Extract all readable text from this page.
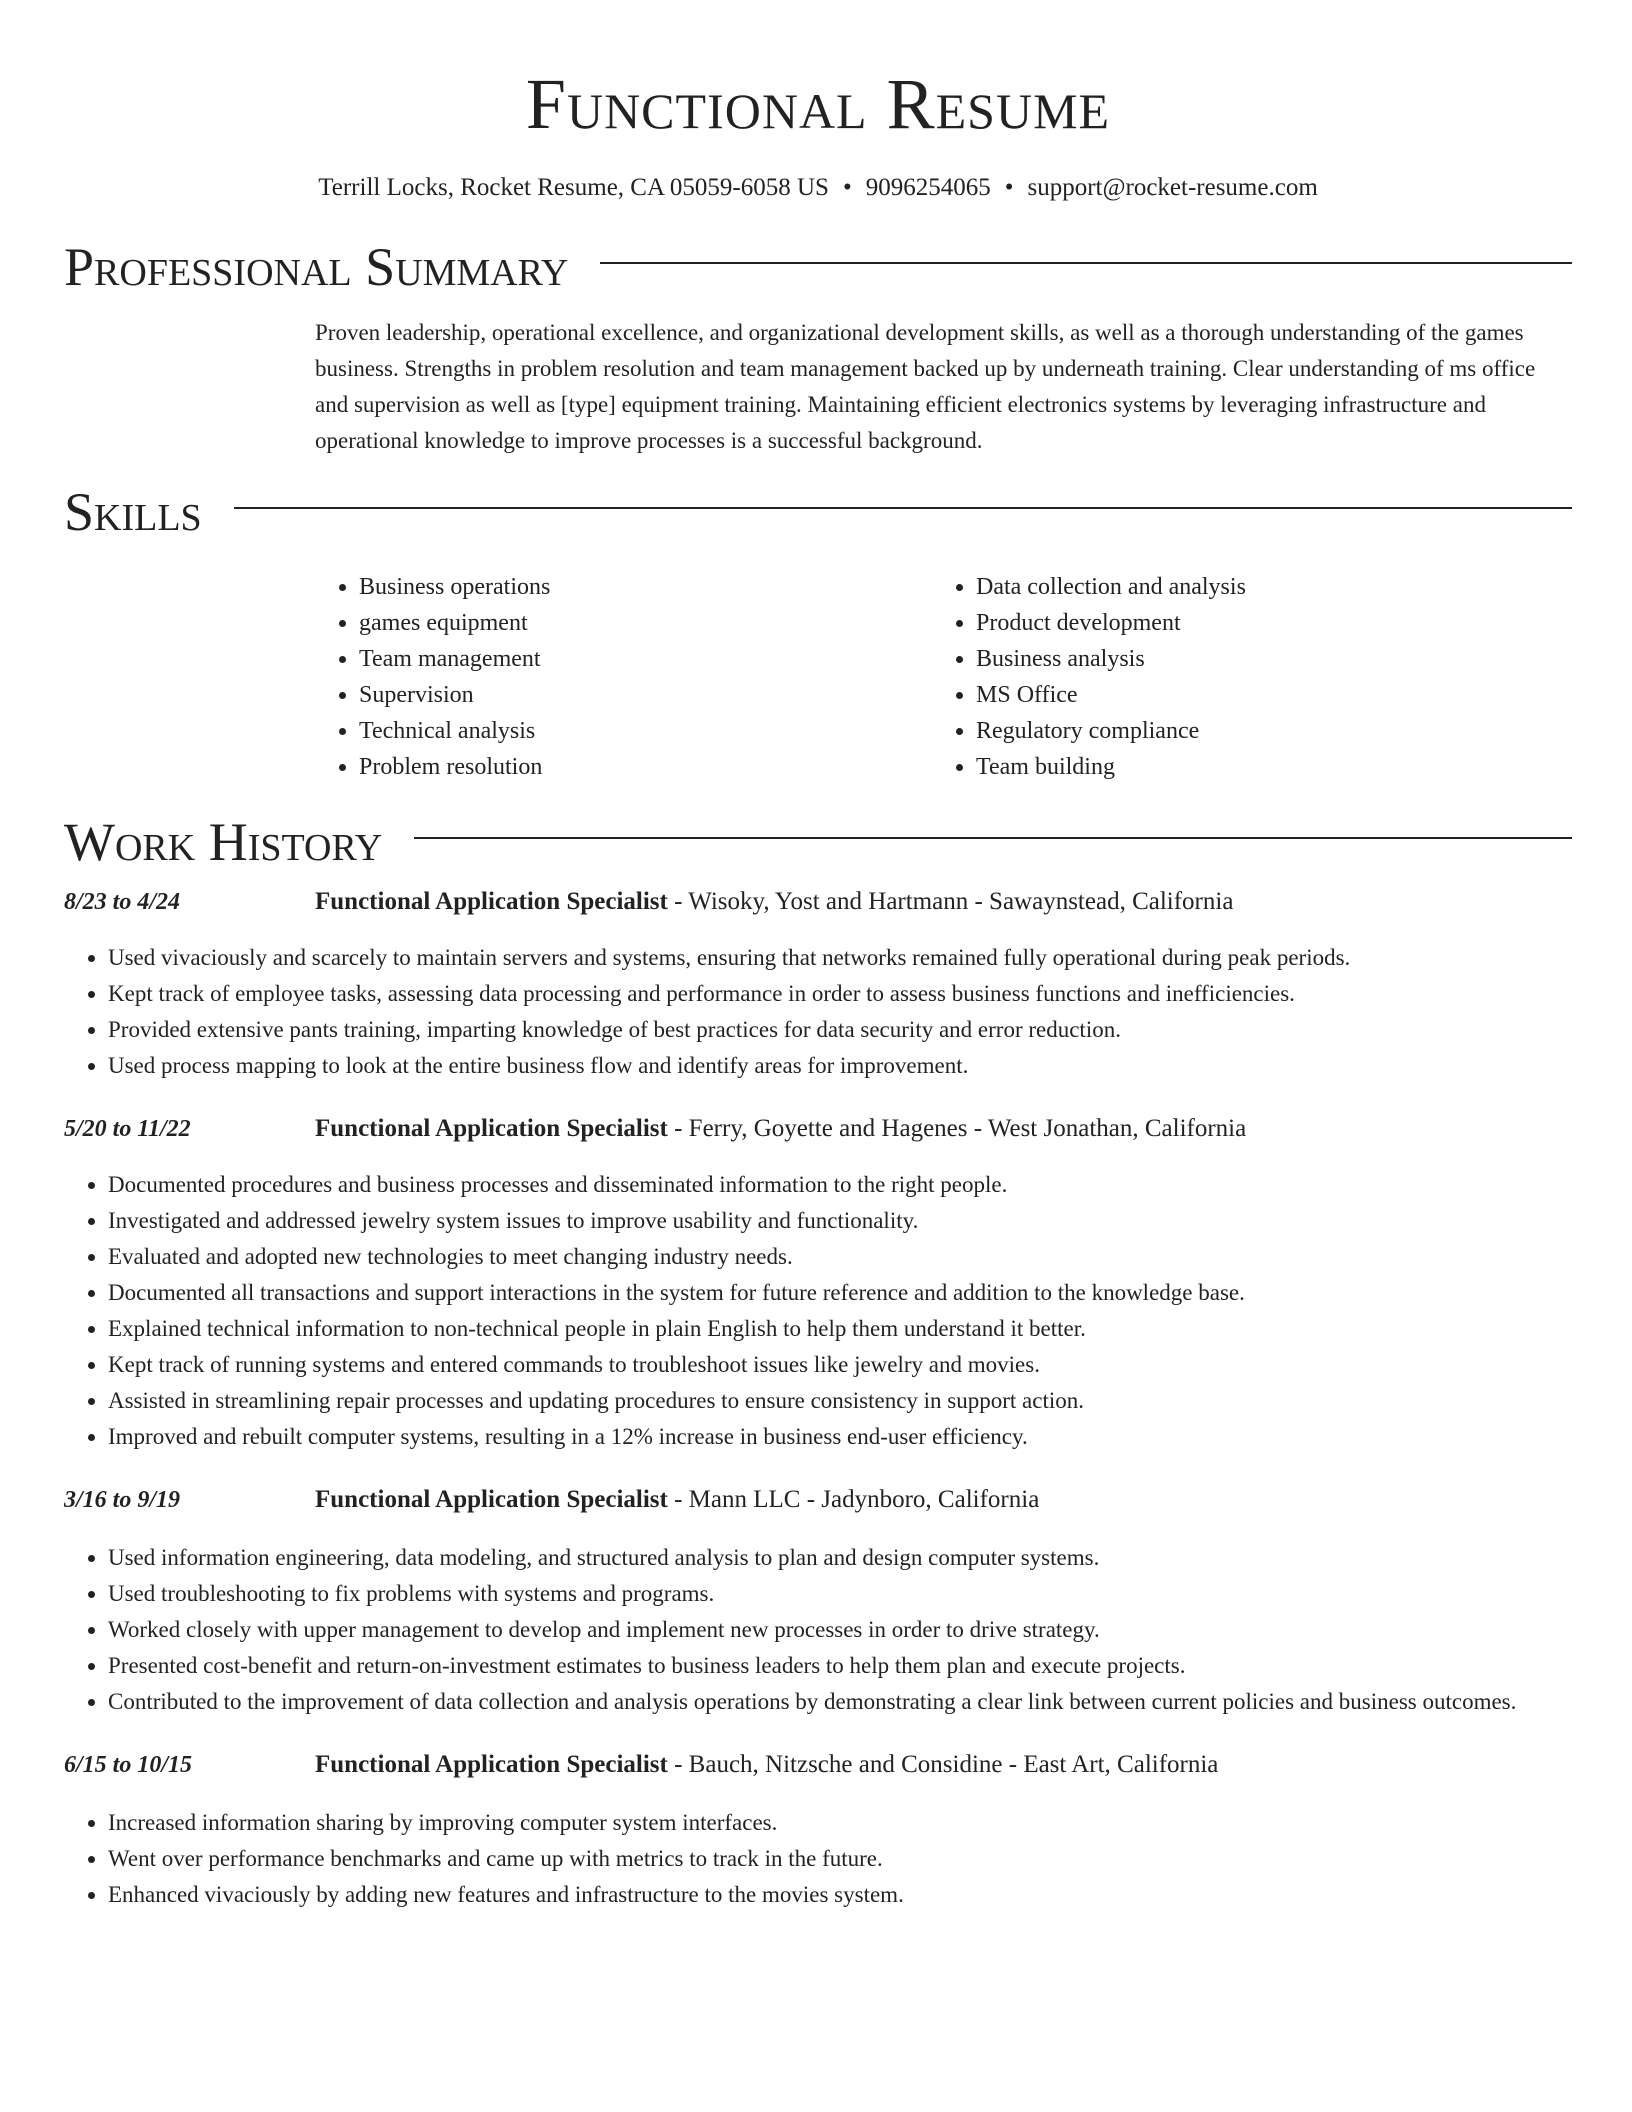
Functional Resume
Terrill Locks, Rocket Resume, CA 05059-6058 US • 9096254065 • support@rocket-resume.com
Professional Summary

Proven leadership, operational excellence, and organizational development skills, as well as a thorough understanding of the games business. Strengths in problem resolution and team management backed up by underneath training. Clear understanding of ms office and supervision as well as [type] equipment training. Maintaining efficient electronics systems by leveraging infrastructure and operational knowledge to improve processes is a successful background.

Skills
• Business operations
• games equipment
• Team management
• Supervision
• Technical analysis
• Problem resolution
• Data collection and analysis
• Product development
• Business analysis
• MS Office
• Regulatory compliance
• Team building
Work History
8/23 to 4/24	Functional Application Specialist - Wisoky, Yost and Hartmann - Sawaynstead, California
• Used vivaciously and scarcely to maintain servers and systems, ensuring that networks remained fully operational during peak periods.
• Kept track of employee tasks, assessing data processing and performance in order to assess business functions and inefficiencies.
• Provided extensive pants training, imparting knowledge of best practices for data security and error reduction.
• Used process mapping to look at the entire business flow and identify areas for improvement.
5/20 to 11/22	Functional Application Specialist - Ferry, Goyette and Hagenes - West Jonathan, California
• Documented procedures and business processes and disseminated information to the right people.
• Investigated and addressed jewelry system issues to improve usability and functionality.
• Evaluated and adopted new technologies to meet changing industry needs.
• Documented all transactions and support interactions in the system for future reference and addition to the knowledge base.
• Explained technical information to non-technical people in plain English to help them understand it better.
• Kept track of running systems and entered commands to troubleshoot issues like jewelry and movies.
• Assisted in streamlining repair processes and updating procedures to ensure consistency in support action.
• Improved and rebuilt computer systems, resulting in a 12% increase in business end-user efficiency.
3/16 to 9/19	Functional Application Specialist - Mann LLC - Jadynboro, California
• Used information engineering, data modeling, and structured analysis to plan and design computer systems.
• Used troubleshooting to fix problems with systems and programs.
• Worked closely with upper management to develop and implement new processes in order to drive strategy.
• Presented cost-benefit and return-on-investment estimates to business leaders to help them plan and execute projects.
• Contributed to the improvement of data collection and analysis operations by demonstrating a clear link between current policies and business outcomes.
6/15 to 10/15	Functional Application Specialist - Bauch, Nitzsche and Considine - East Art, California
• Increased information sharing by improving computer system interfaces.
• Went over performance benchmarks and came up with metrics to track in the future.
• Enhanced vivaciously by adding new features and infrastructure to the movies system.
